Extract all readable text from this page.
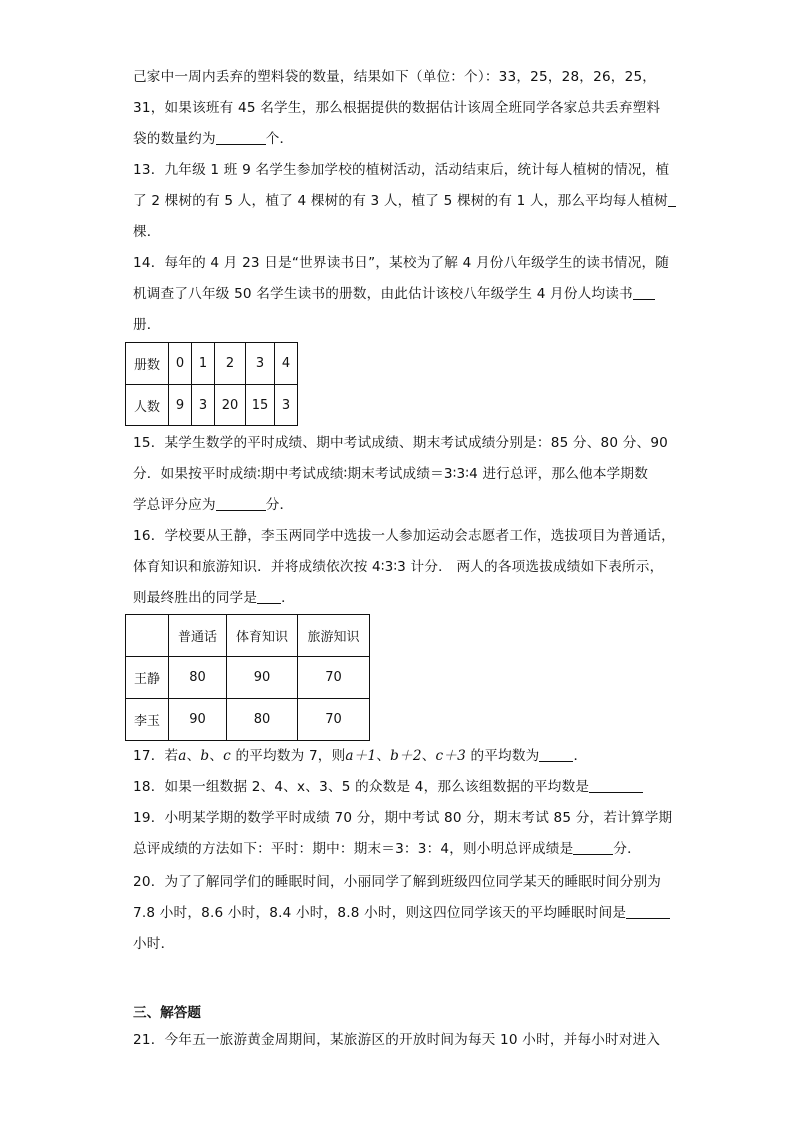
己家中一周内丢弃的塑料袋的数量，结果如下（单位：个）：33，25，28，26，25，
31，如果该班有 45 名学生，那么根据提供的数据估计该周全班同学各家总共丢弃塑料
袋的数量约为	个．
13．九年级 1 班 9 名学生参加学校的植树活动，活动结束后，统计每人植树的情况，植
了 2 棵树的有 5 人，植了 4 棵树的有 3 人，植了 5 棵树的有 1 人，那么平均每人植树
棵．
14．每年的 4 月 23 日是“世界读书日”，某校为了解 4 月份八年级学生的读书情况，随
机调查了八年级 50 名学生读书的册数，由此估计该校八年级学生 4 月份人均读书
册．
册数	0	1	2	3	4
人数	9	3	20	15	3
15．某学生数学的平时成绩、期中考试成绩、期末考试成绩分别是：85 分、80 分、90
分．如果按平时成绩∶期中考试成绩∶期末考试成绩＝3∶3∶4 进行总评，那么他本学期数
学总评分应为	分．
16．学校要从王静，李玉两同学中选拔一人参加运动会志愿者工作，选拔项目为普通话，
体育知识和旅游知识．并将成绩依次按 4∶3∶3 计分． 两人的各项选拔成绩如下表所示，
则最终胜出的同学是 ．
	普通话	体育知识	旅游知识
王静	80	90	70
李玉	90	80	70
17．若a、b、c 的平均数为 7，则a＋1、b＋2、c＋3 的平均数为	．
18．如果一组数据 2、4、x、3、5 的众数是 4，那么该组数据的平均数是
19．小明某学期的数学平时成绩 70 分，期中考试 80 分，期末考试 85 分，若计算学期
总评成绩的方法如下：平时：期中：期末＝3：3：4，则小明总评成绩是	分．
20．为了了解同学们的睡眠时间，小丽同学了解到班级四位同学某天的睡眠时间分别为
7.8 小时，8.6 小时，8.4 小时，8.8 小时，则这四位同学该天的平均睡眠时间是
小时．
三、解答题
21．今年五一旅游黄金周期间，某旅游区的开放时间为每天 10 小时，并每小时对进入
